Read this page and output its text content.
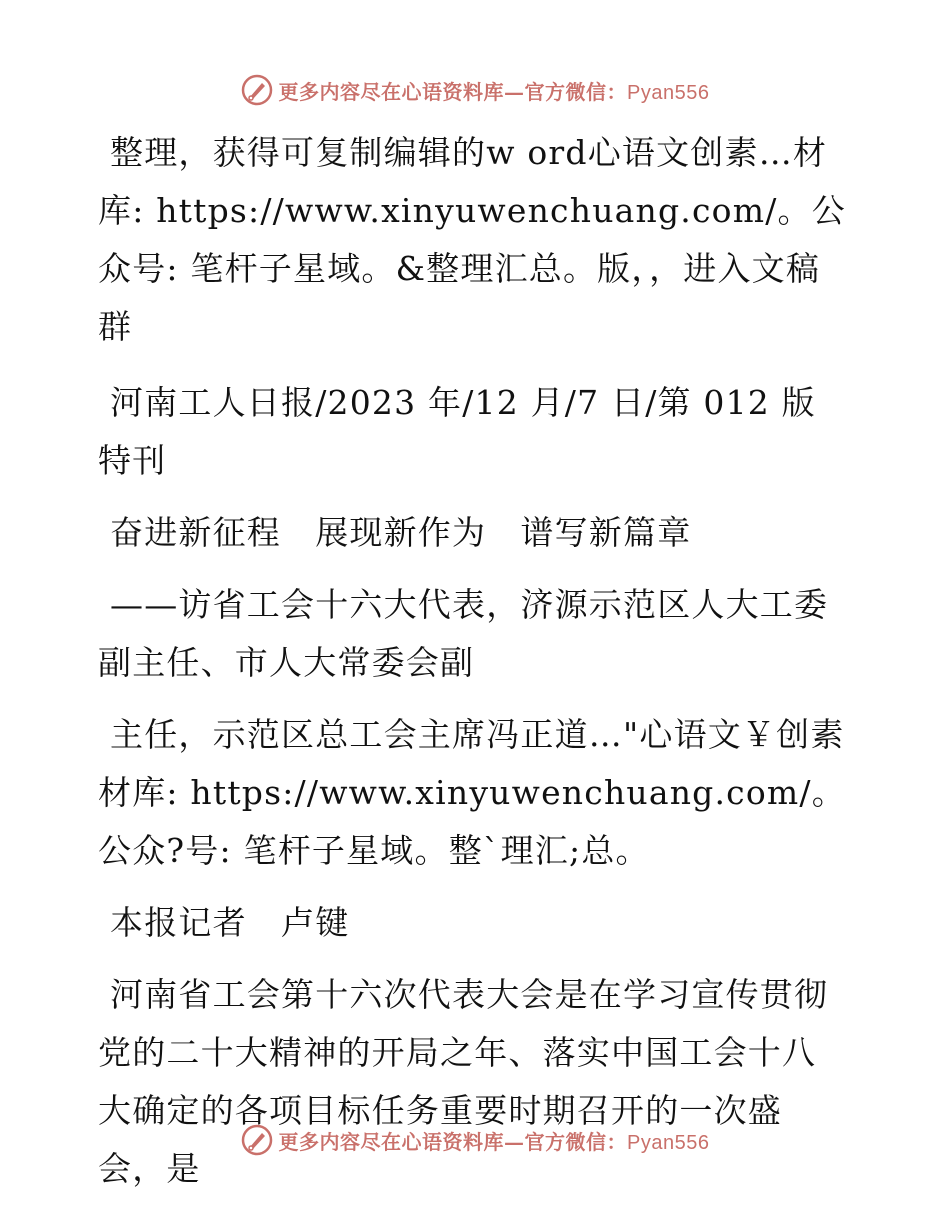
更多内容尽在心语资料库—官方微信：Pyan556

整理，获得可复制编辑的w ord心语文创素…材库: https://www.xinyuwenchuang.com/。公众号: 笔杆子星域。&整理汇总。版，，进入文稿群

河南工人日报/2023 年/12 月/7 日/第 012 版特刊

奋进新征程　展现新作为　谱写新篇章

——访省工会十六大代表，济源示范区人大工委副主任、市人大常委会副

主任，示范区总工会主席冯正道…"心语文￥创素材库: https://www.xinyuwenchuang.com/。公众?号: 笔杆子星域。整`理汇;总。

本报记者　卢键

河南省工会第十六次代表大会是在学习宣传贯彻党的二十大精神的开局之年、落实中国工会十八大确定的各项目标任务重要时期召开的一次盛会，是

更多内容尽在心语资料库—官方微信：Pyan556
